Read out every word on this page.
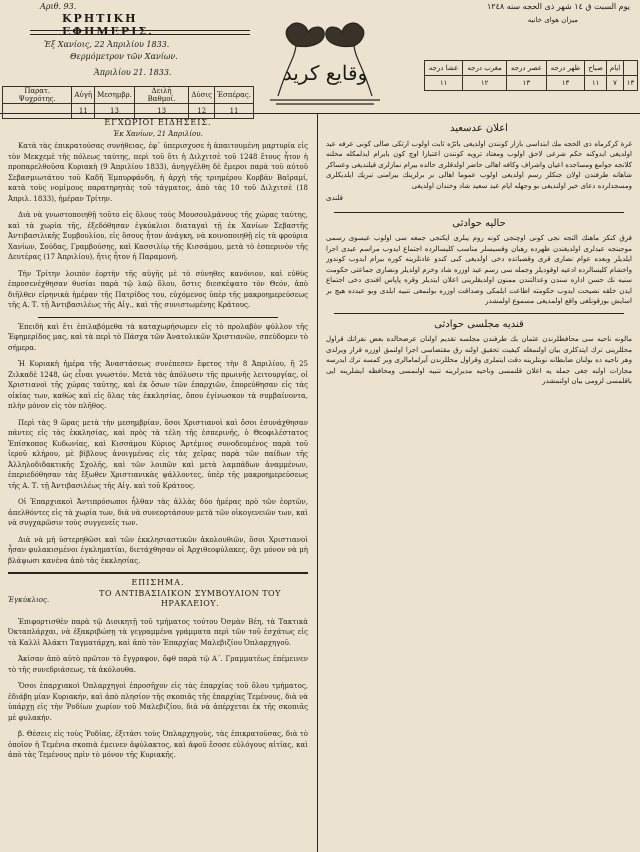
Αριθ. 93.
ΚΡΗΤΙΚΗ ΕΦΗΜΕΡΙΣ.
Ἐξ Χανίοις, 22 Ἀπριλίου 1833.
Θερμόμετρον τῶν Χανίων.
Ἀπριλίου 21. 1833.	وقايع كريد
يوم السبت ق ١٤ شهر ذى الحجه سنه ١٢٤٨
ميزان هواى خانيه
Παρατ. Ψυχρότης.	Αὐγῆ	Μεσημβρ.	Δειλὴ Βαθμοί.	Δύσις	Ἑσπέρας.
	11	13	13	12	11
	ايام	صباح	ظهر درجه	عصر درجه	مغرب درجه	عشا درجه
١٣	٧	١١	١٣	١٣	١٢	١١
ΕΓΧΩΡΙΟΙ ΕΙΔΗΣΕΙΣ.
Ἐκ Χανίων, 21 Ἀπριλίου.

Κατὰ τὰς ἐπικρατούσας συνήθειας, ἐφ᾽ ὑπερισχυσε ἡ ἀπαιτουμένη μαρτυρία εἰς τὸν Μεκχεμὲ τῆς πόλεως ταύτης, περὶ τοῦ ὅτι ἡ Διλχιτσὲ τοῦ 1248 ἔτους ἦτον ἡ πρoπαρελθοῦσα Κυριακὴ (9 Ἀπριλίου 1833), ἀνηγγέλθη δὲ ἔμεροι παρὰ τοῦ αὐτοῦ Σεβασμιωτάτου τοῦ Καδῆ Ἐμπυρφάνδη, ἡ ἀρχὴ τῆς τριημέρου Κορβὰν Βαϊραμί, κατὰ τοὺς νομίμους παρατηρητὰς τοῦ τάγματος, ἀπὸ τὰς 10 τοῦ Διλχιτσὲ (18 Ἀπριλ. 1833), ἡμέραν Τρίτην.

Διὰ νὰ γνωστοποιηθῇ τοῦτο εἰς ὅλους τοὺς Μουσουλμάνους τῆς χώρας ταύτης, καὶ τὰ χωρία τῆς, ἐξεδόθησαν ἐγκύκλιοι διαταγαὶ τῇ ἐκ Χανίων Σεβαστῆς Ἀντιβασιλικῆς Συμβουλίου, εἰς ὅσους ἦτον ἀνάγκη, νὰ κοινοποιηθῇ εἰς τὰ φρούρια Χανίων, Σούδας, Γραμβούσης, καὶ Κασσιλίῳ τῆς Κισσάμου, μετὰ τὸ ἑσπερινὸν τῆς Δευτέρας (17 Ἀπριλίου), ἤτις ἦτον ἡ Παραμονή.

Τὴν Τρίτην λοιπὸν ἐορτὴν τῆς αὐγῆς μὲ τὸ σύνηθες κανόνιον, καὶ εὐθὺς ἐπροσενέχθησαν θυσίαι παρὰ τῷ λαῷ ὅλου, ὅστις διεσκέψατο τὸν Θεόν, ἀπὸ διῆλθεν εἰρηνικὰ ἡμέραν τῆς Πατρίδος του, εὐχόμενος ὑπὲρ τῆς μακροημερεύσεως τῆς Α. Τ. τῇ Ἀντιβασιλέως τῆς Αἰγ., καὶ τῆς συνιστωμένης Κράτους.

Ἐπειδὴ καὶ ἔτι ἐπιλαβόμεθα τὰ καταχωρήσωμεν εἰς τὸ προλαβὸν φύλλον τῆς Ἐφημερίδος μας, καὶ τὰ περὶ τὸ Πάσχα τῶν Ἀνατολικῶν Χριστιανῶν, σπεύδομεν τὸ σήμερα.

Ἡ Κυριακὴ ἡμέρα τῆς Ἀναστάσεως συνέπεσεν ἔφετος τὴν 8 Ἀπριλίου, ἢ 25 Ζιλκαδὲ 1248, ὡς εἶναι γνωστόν. Μετὰ τὰς ἀπόλυσιν τῆς πρωινῆς λειτουργίας, οἱ Χριστιανοὶ τῆς χώρας ταύτης, καὶ ἐκ ὅσων τῶν ἐπαρχιῶν, ἐπορεύθησαν εἰς τὰς οἰκίας των, καθὼς καὶ εἰς ὅλας τὰς ἐκκλησίας, ὅπου ἐγίνωσκον τὰ συμβαίνοντα, πλὴν μόνον εἰς τὸν πλῆθος.

Περὶ τὰς 9 ὥρας μετὰ τὴν μεσημβρίαν, ὅσοι Χριστιανοὶ καὶ ὄσοι ἐσυνάχθησαν πάντες εἰς τὰς ἐκκλησίας, καὶ πρὸς τὰ τέλη τῆς ἑσπερινῆς, ὁ Θεοφιλέστατος Ἐπίσκοπος Κυδωνίας, καὶ Κισσάμου Κύριος Ἀρτέμιος συνοδευμένος παρὰ τοῦ ἱεροῦ κλήρου, μὲ βίβλους ἀνοιγμένας εἰς τὰς χεῖρας παρὰ τῶν παίδων τῆς Ἀλληλοδιδακτικῆς Σχολῆς, καὶ τῶν λοιπῶν καὶ μετὰ λαμπάδων ἀναμμένων, ἐπεριεδόθησαν τὰς ἔξωθεν Χριστιανικὰς ψάλλοντες, ὑπὲρ τῆς μακροημερεύσεως τῆς Α. Τ. τῇ Ἀντιβασιλέως τῆς Αἰγ. καὶ τοῦ Κράτους.

Οἱ Ἐπαρχιακοὶ Ἀντιπρόσωποι ἦλθαν τὰς ἀλλὰς δύο ἡμέρας πρὸ τῶν ἑορτῶν, ἀπελθόντες εἰς τὰ χωρία των, διὰ νὰ συνεορτάσουν μετὰ τῶν οἰκογενειῶν των, καὶ νὰ συγχαρῶσιν τοὺς συγγενεῖς των.

Διὰ νὰ μὴ ὑστερηθῶσι καὶ τῶν ἐκκλησιαστικῶν ἀκολουθιῶν, ὅσοι Χριστιανοὶ ἦσαν φυλακισμένοι ἐγκληματίαι, διετάχθησαν οἱ Ἀρχιθεοφύλακες, ὅχι μόνον νὰ μὴ βλάψωσι κανένα ἀπὸ τὰς ἐκκλησίας.

ΕΠΙΣΗΜΑ.
Ἐγκύκλιος.
ΤΟ ΑΝΤΙΒΑΣΙΛΙΚΟΝ ΣΥΜΒΟΥΛΙΟΝ ΤΟΥ ΗΡΑΚΛΕΙΟΥ.

Ἐπιφορτισθὲν παρὰ τῷ Διοικητῇ τοῦ τμήματος τούτου Ὀσμὰν Βέη, τὰ Τακτικὰ Ὀκταπλάρχαι, νὰ ἐξακριβώσῃ τὰ γεγραμμένα γράμματα περὶ τῶν τοῦ ἐσχάτως εἰς τὰ Καλλὶ Ἀλάκτι Ταγματάρχη, καὶ ἀπὸ τὸν Ἐπαρχίας Μαλεβιζίου Ὀπλαρχηγοῦ.

Ἀκίσαν ἀπὸ αὐτὸ πρῶτον τὸ ἔγγραφον, ὄφθ παρὰ τῷ Α΄. Γραμματέως ἐπέμεινεν τὸ τῆς συνεδριάσεως, τὰ ἀκόλουθα.

Ὅσοι ἐπαρχιακοὶ Ὀπλαρχηγοὶ ἐπροσῆχον εἰς τὰς ἐπαρχίας τοῦ ὅλου τμήματος, ἐδιάβη μίαν Κυριακήν, καὶ ἀπὸ πλησίον τῆς σκοπιᾶς τῆς ἐπαρχίας Τεμένους, διὰ νὰ ὑπάρχῃ εἰς τὴν Ῥοδίων χωρίον τοῦ Μαλεβιζίου, διὰ νὰ ἀπέρχεται ἐκ τῆς σκοπιᾶς μὲ φυλακήν.

β. Θέσεις εἰς τοὺς Ῥοδίας, ἐξιτάσι τοὺς Ὀπλαρχηγοὺς, τὰς ἐπικρατοῦσας, διὰ τὸ ὁποῖον ἡ Τεμένια σκοπιὰ ἐμεινεν ἀφύλακτος, καὶ ἀφοῦ ἔσοσε εὐλόγους αἰτίας, καὶ ἀπὸ τὰς Τεμένους πρὶν τὸ μόνον τῆς Κυριακῆς.

اعلان عدسعيد

غرة كركرماه ذى الحجه مك ابتداسى بازار كونندن اولديغى باثرّه ثابت اولوب ارتكى صالى كونى عرفه عيد اولديغى ايدوكنه حكم شرعى لاحق اولوب ومعتاد ترويه كونندن اعتبارا اوچ كون بايرام ايدلمكله محلنه كلانجه جوامع ومساجده اعيان واشراف وكافه اهالى حاضر اولدقلرى حالده بيرام نمازلرى قيلنديغى وعساكر شاهانه طرفندن اولان جنكلر رسم اولديغى اولوب عموما اهالى بر برلرينك بيرامنى تبريك ايلديكلرى ومسجدلرده دعاى خير اولنديغى بو وجهله ايام عيد سعيد شاد وخندان اولديغى

قلندى
حاليه حوادثى

فرق كنكز ماهنك التجه نجى كونى اوچنجى كونه روم يبلرى ايكنجى جمعه سى اولوب عيسوى رسمى موجبنجه عيدلرى اولديغندن ظهرده رهبان وقسيسلر مناسب كليسالرده اجتماع ايدوب مراسم عيدى اجرا ايلديلر وبعده عوام نصارى قرى وقصباتده دخى اولديغى كبى كندو عادتلرينه كوره بيرام ايدوب كوندوز واخشام كليسالرده ادعيه اوقوديلر وجمله سى رسم عيد اوزره شاد وخرم اولديلر ونصارى جماعتى حكومت سنيه نك حسن اداره سندن وعدالتندن ممنون اولديقلرينى اعلان ايتديلر وقره پاپاس افندى دخى اجتماع ايدن خلقه نصيحت ايدوب حكومته اطاعت ايلمكى وصداقت اوزره بولنمغى تنبيه ايلدى وبو عيدده هيچ بر اسايش بوزقونلغى واقع اولمديغى مسموع اولمشدر

قنديه مجلسى حوادثى

مالونه ناحيه سى محافظلرندن عثمان بك طرفندن مجلسه تقديم اولنان عرضحالده بعض نفراتك قراول محللرينى ترك ايتدكلرى بيان اولنمغله كيفيت تحقيق اولنه رق مقتضاسى اجرا اولنمق اوزره قرار ويرلدى وهر ناحيه ده بولنان ضابطانه نوبتلرينه دقت ايتملرى وقراول محللرندن آيرلمامالرى وبر كمسه ترك ايدرسه مجازات اولنه جغى جمله يه اعلان قلنمسى وناحيه مديرلرينه تنبيه اولنمسى ومحافظه ايشلرينه ايى باقلمسى لزومى بيان اولنمشدر
